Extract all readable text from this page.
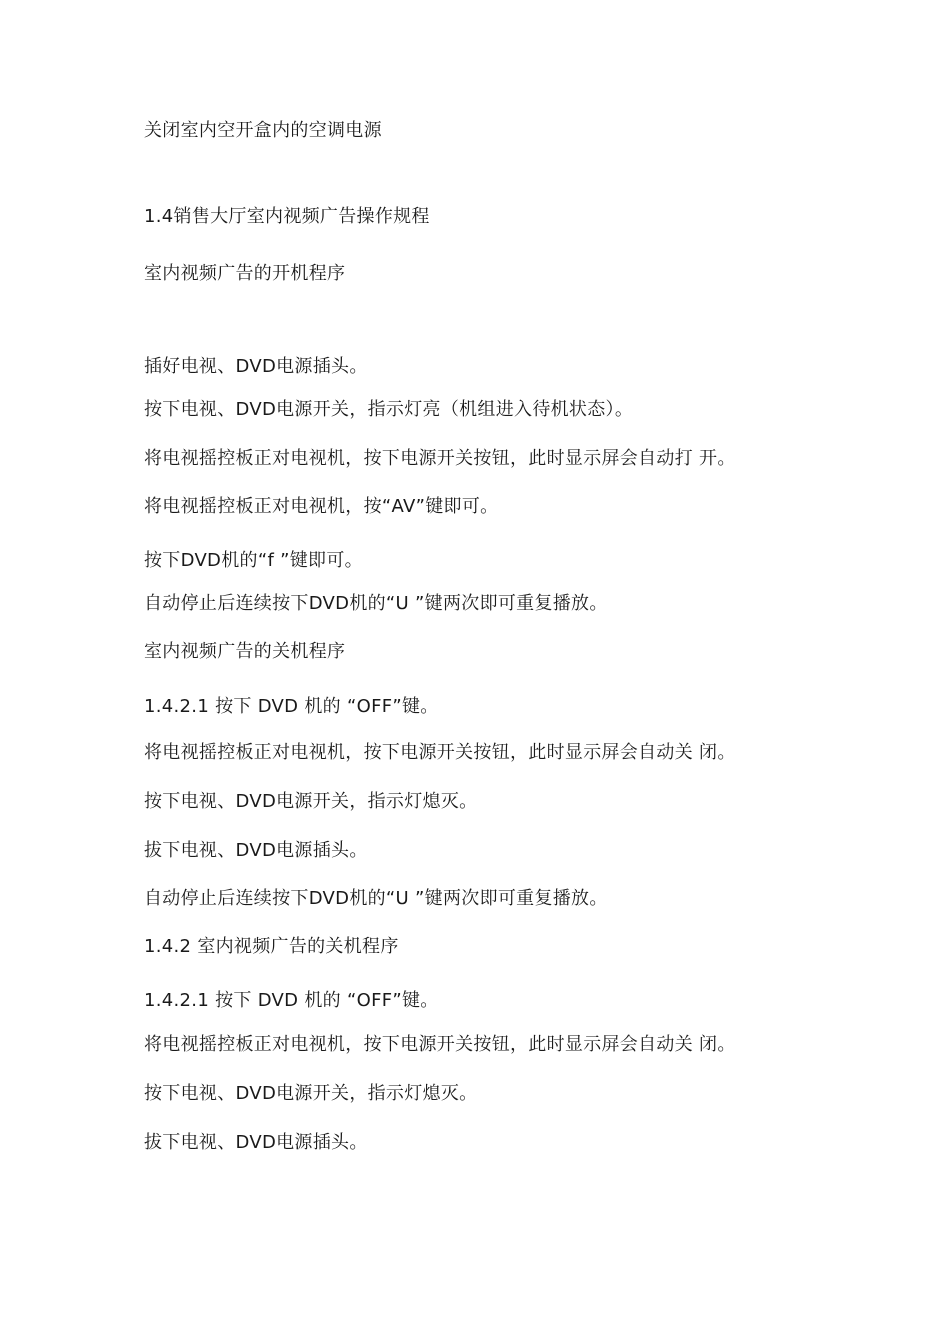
关闭室内空开盒内的空调电源
1.4销售大厅室内视频广告操作规程
室内视频广告的开机程序
插好电视、DVD电源插头。
按下电视、DVD电源开关，指示灯亮（机组进入待机状态）。
将电视摇控板正对电视机，按下电源开关按钮，此时显示屏会自动打 开。
将电视摇控板正对电视机，按“AV”键即可。
按下DVD机的“f ”键即可。
自动停止后连续按下DVD机的“U ”键两次即可重复播放。
室内视频广告的关机程序
1.4.2.1 按下 DVD 机的 “OFF”键。
将电视摇控板正对电视机，按下电源开关按钮，此时显示屏会自动关 闭。
按下电视、DVD电源开关，指示灯熄灭。
拔下电视、DVD电源插头。
自动停止后连续按下DVD机的“U ”键两次即可重复播放。
1.4.2 室内视频广告的关机程序
1.4.2.1 按下 DVD 机的 “OFF”键。
将电视摇控板正对电视机，按下电源开关按钮，此时显示屏会自动关 闭。
按下电视、DVD电源开关，指示灯熄灭。
拔下电视、DVD电源插头。
